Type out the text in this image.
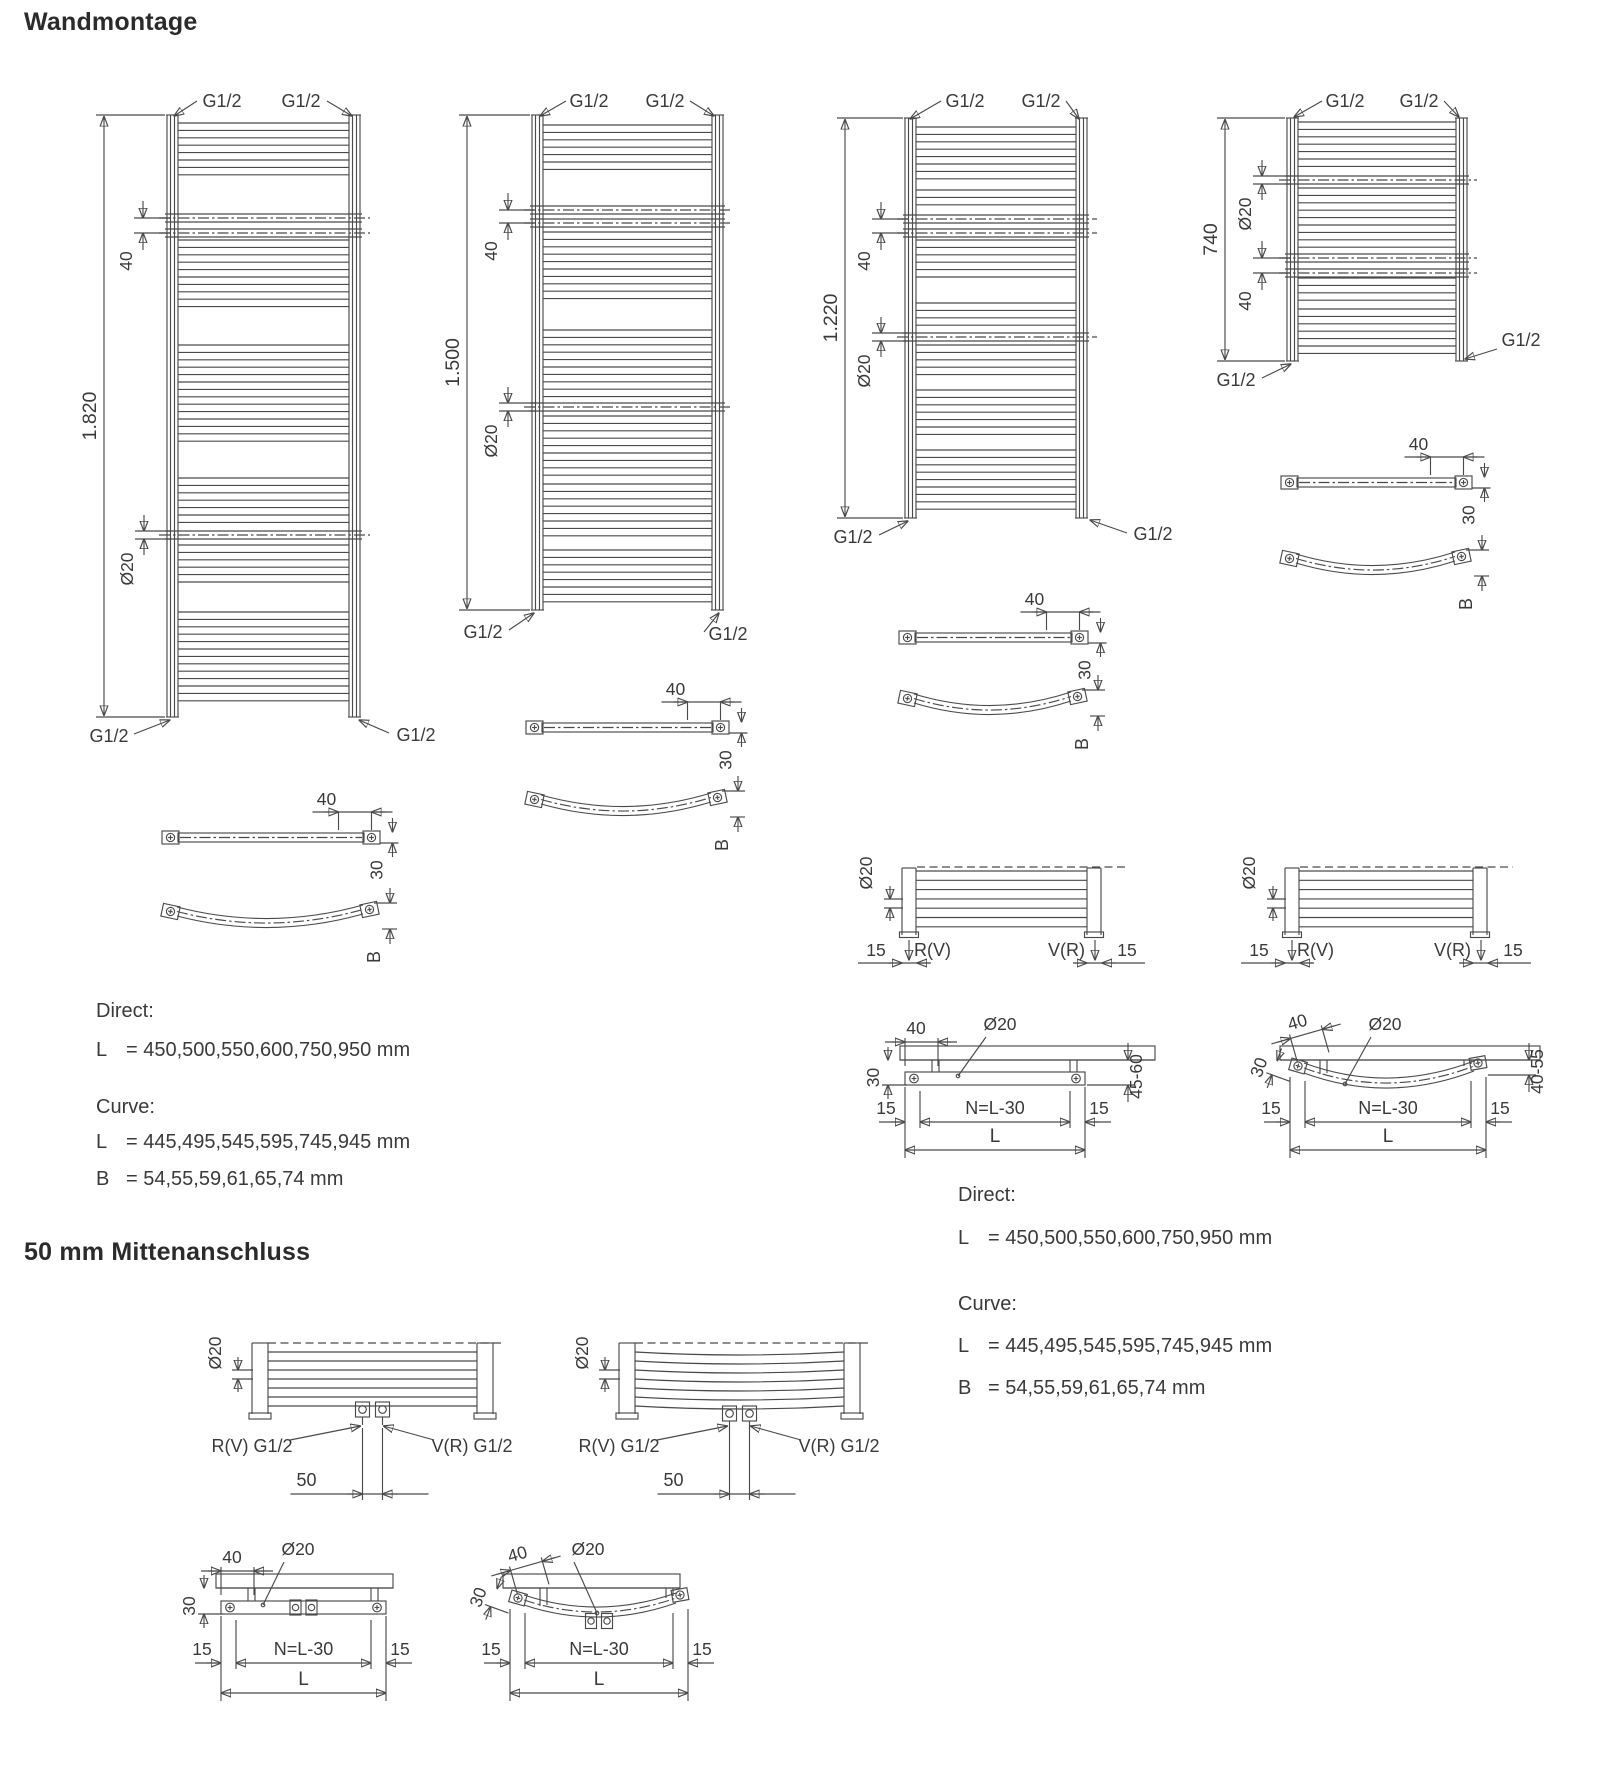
Wandmontage
50 mm Mittenanschluss
1.820
40
Ø20
G1/2 G1/2
G1/2	G1/2
1.500
40
Ø20
G1/2 G1/2
G1/2	G1/2
1.220
40
Ø20
G1/2 G1/2
G1/2	G1/2
740
40
Ø20
G1/2 G1/2
G1/2
G1/2
40
30
40
30
40
30
40
30
B
B
B
B
Ø20
15 R(V)	V(R) 15
Ø20
15 R(V)	V(R) 15
40	Ø20
30	45-60
15	N=L-30	15
L
40	Ø20
30	40-55
15	N=L-30	15
L
40 Ø20
30
15	N=L-30	15
L
40 Ø20
30
15	N=L-30	15
L
Ø20
R(V) G1/2	V(R) G1/2
50
Ø20
R(V) G1/2	V(R) G1/2
50
Direct:
L = 450,500,550,600,750,950 mm
Curve:
L = 445,495,545,595,745,945 mm
B = 54,55,59,61,65,74 mm
Direct:
L = 450,500,550,600,750,950 mm
Curve:
L = 445,495,545,595,745,945 mm
B = 54,55,59,61,65,74 mm
